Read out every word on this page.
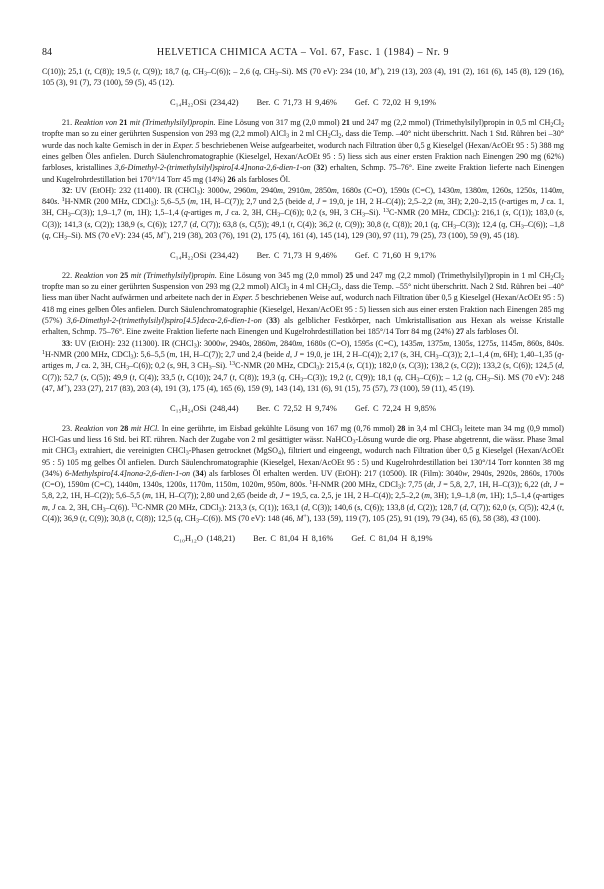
84	HELVETICA CHIMICA ACTA – Vol. 67, Fasc. 1 (1984) – Nr. 9

C(10)); 25,1 (t, C(8)); 19,5 (t, C(9)); 18,7 (q, $CH_3-C(6)$); – 2,6 (q, $CH_3-Si$). MS (70 eV): 234 (10, M+), 219 (13), 203 (4), 191 (2), 161 (6), 145 (8), 129 (16), 105 (3), 91 (7), 73 (100), 59 (5), 45 (12).

C₁₄H₂₂OSi (234,42) Ber. C 71,73 H 9,46% Gef. C 72,02 H 9,19%

21. Reaktion von 21 mit (Trimethylsilyl)propin. Eine Lösung von 317 mg (2,0 mmol) 21 und 247 mg (2,2 mmol) (Trimethylsilyl)propin in 0,5 ml $CH_2Cl_2$ tropfte man so zu einer gerührten Suspension von 293 mg (2,2 mmol) AlCl$_3$ in 2 ml $CH_2Cl_2$, dass die Temp. –40° nicht überschritt. Nach 1 Std. Rühren bei –30° wurde das noch kalte Gemisch in der in Exper. 5 beschriebenen Weise aufgearbeitet, wodurch nach Filtration über 0,5 g Kieselgel (Hexan/AcOEt 95 : 5) 388 mg eines gelben Öles anfielen. Durch Säulenchromatographie (Kieselgel, Hexan/AcOEt 95 : 5) liess sich aus einer ersten Fraktion nach Einengen 290 mg (62%) farbloses, kristallines 3,6-Dimethyl-2-(trimethylsilyl)spiro[4.4]nona-2,6-dien-1-on (32) erhalten, Schmp. 75–76°. Eine zweite Fraktion lieferte nach Einengen und Kugelrohrdestillation bei 170°/14 Torr 45 mg (14%) 26 als farbloses Öl.

32: UV (EtOH): 232 (11400). IR (CHCl$_3$): 3000w, 2960m, 2940m, 2910m, 2850m, 1680s (C=O), 1590s (C=C), 1430m, 1380m, 1260s, 1250s, 1140m, 840s. $^1$H-NMR (200 MHz, CDCl$_3$): 5,6–5,5 (m, 1H, H–C(7)); 2,7 und 2,5 (beide d, J = 19,0, je 1H, 2 H–C(4)); 2,5–2,2 (m, 3H); 2,20–2,15 (t-artiges m, J ca. 1, 3H, $CH_3-C(3)$); 1,9–1,7 (m, 1H); 1,5–1,4 (q-artiges m, J ca. 2, 3H, $CH_3-C(6)$); 0,2 (s, 9H, 3 $CH_3-Si$). $^{13}$C-NMR (20 MHz, CDCl$_3$): 216,1 (s, C(1)); 183,0 (s, C(3)); 141,3 (s, C(2)); 138,9 (s, C(6)); 127,7 (d, C(7)); 63,8 (s, C(5)); 49,1 (t, C(4)); 36,2 (t, C(9)); 30,8 (t, C(8)); 20,1 (q, $CH_3-C(3)$); 12,4 (q, $CH_3-C(6)$); –1,8 (q, $CH_3-Si$). MS (70 eV): 234 (45, M+), 219 (38), 203 (76), 191 (2), 175 (4), 161 (4), 145 (14), 129 (30), 97 (11), 79 (25), 73 (100), 59 (9), 45 (18).

C₁₄H₂₂OSi (234,42) Ber. C 71,73 H 9,46% Gef. C 71,60 H 9,17%

22. Reaktion von 25 mit (Trimethylsilyl)propin. Eine Lösung von 345 mg (2,0 mmol) 25 und 247 mg (2,2 mmol) (Trimethylsilyl)propin in 1 ml $CH_2Cl_2$ tropfte man so zu einer gerührten Suspension von 293 mg (2,2 mmol) AlCl$_3$ in 4 ml $CH_2Cl_2$, dass die Temp. –55° nicht überschritt. Nach 2 Std. Rühren bei –40° liess man über Nacht aufwärmen und arbeitete nach der in Exper. 5 beschriebenen Weise auf, wodurch nach Filtration über 0,5 g Kieselgel (Hexan/AcOEt 95 : 5) 418 mg eines gelben Öles anfielen. Durch Säulenchromatographie (Kieselgel, Hexan/AcOEt 95 : 5) liessen sich aus einer ersten Fraktion nach Einengen 285 mg (57%) 3,6-Dimethyl-2-(trimethylsilyl)spiro[4.5]deca-2,6-dien-1-on (33) als gelblicher Festkörper, nach Umkristallisation aus Hexan als weisse Kristalle erhalten, Schmp. 75–76°. Eine zweite Fraktion lieferte nach Einengen und Kugelrohrdestillation bei 185°/14 Torr 84 mg (24%) 27 als farbloses Öl.

33: UV (EtOH): 232 (11300). IR (CHCl$_3$): 3000w, 2940s, 2860m, 2840m, 1680s (C=O), 1595s (C=C), 1435m, 1375m, 1305s, 1275s, 1145m, 860s, 840s. $^1$H-NMR (200 MHz, CDCl$_3$): 5,6–5,5 (m, 1H, H–C(7)); 2,7 und 2,4 (beide d, J = 19,0, je 1H, 2 H–C(4)); 2,17 (s, 3H, $CH_3-C(3)$); 2,1–1,4 (m, 6H); 1,40–1,35 (q-artiges m, J ca. 2, 3H, $CH_3-C(6)$); 0,2 (s, 9H, 3 $CH_3-Si$). $^{13}$C-NMR (20 MHz, CDCl$_3$): 215,4 (s, C(1)); 182,0 (s, C(3)); 138,2 (s, C(2)); 133,2 (s, C(6)); 124,5 (d, C(7)); 52,7 (s, C(5)); 49,9 (t, C(4)); 33,5 (t, C(10)); 24,7 (t, C(8)); 19,3 (q, $CH_3-C(3)$); 19,2 (t, C(9)); 18,1 (q, $CH_3-C(6)$); – 1,2 (q, $CH_3-Si$). MS (70 eV): 248 (47, M+), 233 (27), 217 (83), 203 (4), 191 (3), 175 (4), 165 (6), 159 (9), 143 (14), 131 (6), 91 (15), 75 (57), 73 (100), 59 (11), 45 (19).

C₁₅H₂₄OSi (248,44) Ber. C 72,52 H 9,74% Gef. C 72,24 H 9,85%

23. Reaktion von 28 mit HCl. In eine gerührte, im Eisbad gekühlte Lösung von 167 mg (0,76 mmol) 28 in 3,4 ml CHCl$_3$ leitete man 34 mg (0,9 mmol) HCl-Gas und liess 16 Std. bei RT. rühren. Nach der Zugabe von 2 ml gesättigter wässr. NaHCO$_3$-Lösung wurde die org. Phase abgetrennt, die wässr. Phase 3mal mit CHCl$_3$ extrahiert, die vereinigten CHCl$_3$-Phasen getrocknet (MgSO$_4$), filtriert und eingeengt, wodurch nach Filtration über 0,5 g Kieselgel (Hexan/AcOEt 95 : 5) 105 mg gelbes Öl anfielen. Durch Säulenchromatographie (Kieselgel, Hexan/AcOEt 95 : 5) und Kugelrohrdestillation bei 130°/14 Torr konnten 38 mg (34%) 6-Methylspiro[4.4]nona-2,6-dien-1-on (34) als farbloses Öl erhalten werden. UV (EtOH): 217 (10500). IR (Film): 3040w, 2940s, 2920s, 2860s, 1700s (C=O), 1590m (C=C), 1440m, 1340s, 1200s, 1170m, 1150m, 1020m, 950m, 800s. $^1$H-NMR (200 MHz, CDCl$_3$): 7,75 (dt, J = 5,8, 2,7, 1H, H–C(3)); 6,22 (dt, J = 5,8, 2,2, 1H, H–C(2)); 5,6–5,5 (m, 1H, H–C(7)); 2,80 und 2,65 (beide dt, J = 19,5, ca. 2,5, je 1H, 2 H–C(4)); 2,5–2,2 (m, 3H); 1,9–1,8 (m, 1H); 1,5–1,4 (q-artiges m, J ca. 2, 3H, $CH_3-C(6)$). $^{13}$C-NMR (20 MHz, CDCl$_3$): 213,3 (s, C(1)); 163,1 (d, C(3)); 140,6 (s, C(6)); 133,8 (d, C(2)); 128,7 (d, C(7)); 62,0 (s, C(5)); 42,4 (t, C(4)); 36,9 (t, C(9)); 30,8 (t, C(8)); 12,5 (q, $CH_3-C(6)$). MS (70 eV): 148 (46, M+), 133 (59), 119 (7), 105 (25), 91 (19), 79 (34), 65 (6), 58 (38), 43 (100).

C₁₀H₁₂O (148,21) Ber. C 81,04 H 8,16% Gef. C 81,04 H 8,19%
